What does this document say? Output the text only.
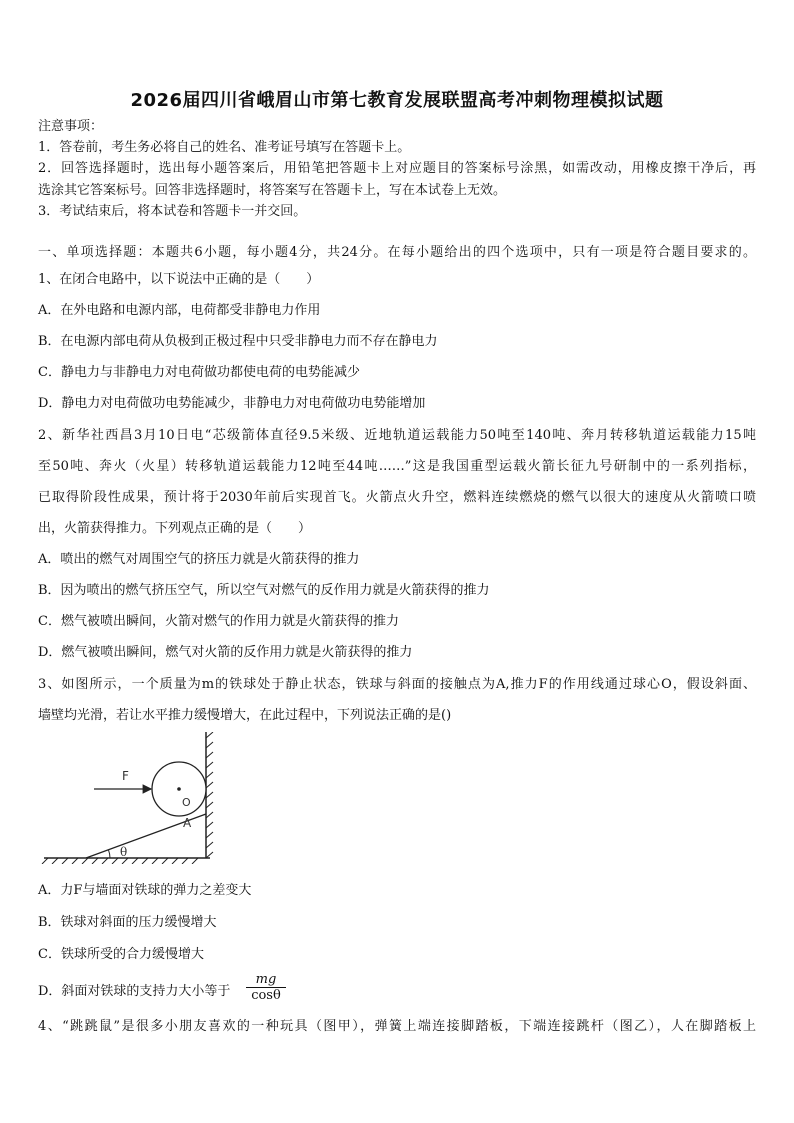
2026届四川省峨眉山市第七教育发展联盟高考冲刺物理模拟试题
注意事项：
1．答卷前，考生务必将自己的姓名、准考证号填写在答题卡上。
2．回答选择题时，选出每小题答案后，用铅笔把答题卡上对应题目的答案标号涂黑，如需改动，用橡皮擦干净后，再
选涂其它答案标号。回答非选择题时，将答案写在答题卡上，写在本试卷上无效。
3．考试结束后，将本试卷和答题卡一并交回。
一、单项选择题：本题共6小题，每小题4分，共24分。在每小题给出的四个选项中，只有一项是符合题目要求的。
1、在闭合电路中，以下说法中正确的是（　　）
A．在外电路和电源内部，电荷都受非静电力作用
B．在电源内部电荷从负极到正极过程中只受非静电力而不存在静电力
C．静电力与非静电力对电荷做功都使电荷的电势能减少
D．静电力对电荷做功电势能减少，非静电力对电荷做功电势能增加
2、新华社西昌3月10日电“芯级箭体直径9.5米级、近地轨道运载能力50吨至140吨、奔月转移轨道运载能力15吨
至50吨、奔火（火星）转移轨道运载能力12吨至44吨……”这是我国重型运载火箭长征九号研制中的一系列指标，
已取得阶段性成果，预计将于2030年前后实现首飞。火箭点火升空，燃料连续燃烧的燃气以很大的速度从火箭喷口喷
出，火箭获得推力。下列观点正确的是（　　）
A．喷出的燃气对周围空气的挤压力就是火箭获得的推力
B．因为喷出的燃气挤压空气，所以空气对燃气的反作用力就是火箭获得的推力
C．燃气被喷出瞬间，火箭对燃气的作用力就是火箭获得的推力
D．燃气被喷出瞬间，燃气对火箭的反作用力就是火箭获得的推力
3、如图所示，一个质量为m的铁球处于静止状态，铁球与斜面的接触点为A,推力F的作用线通过球心O，假设斜面、
墙壁均光滑，若让水平推力缓慢增大，在此过程中，下列说法正确的是()
F
O
A
θ
A．力F与墙面对铁球的弹力之差变大
B．铁球对斜面的压力缓慢增大
C．铁球所受的合力缓慢增大
D．斜面对铁球的支持力大小等于 $\frac{mg}{\cos\theta}$
4、“跳跳鼠”是很多小朋友喜欢的一种玩具（图甲），弹簧上端连接脚踏板，下端连接跳杆（图乙），人在脚踏板上
